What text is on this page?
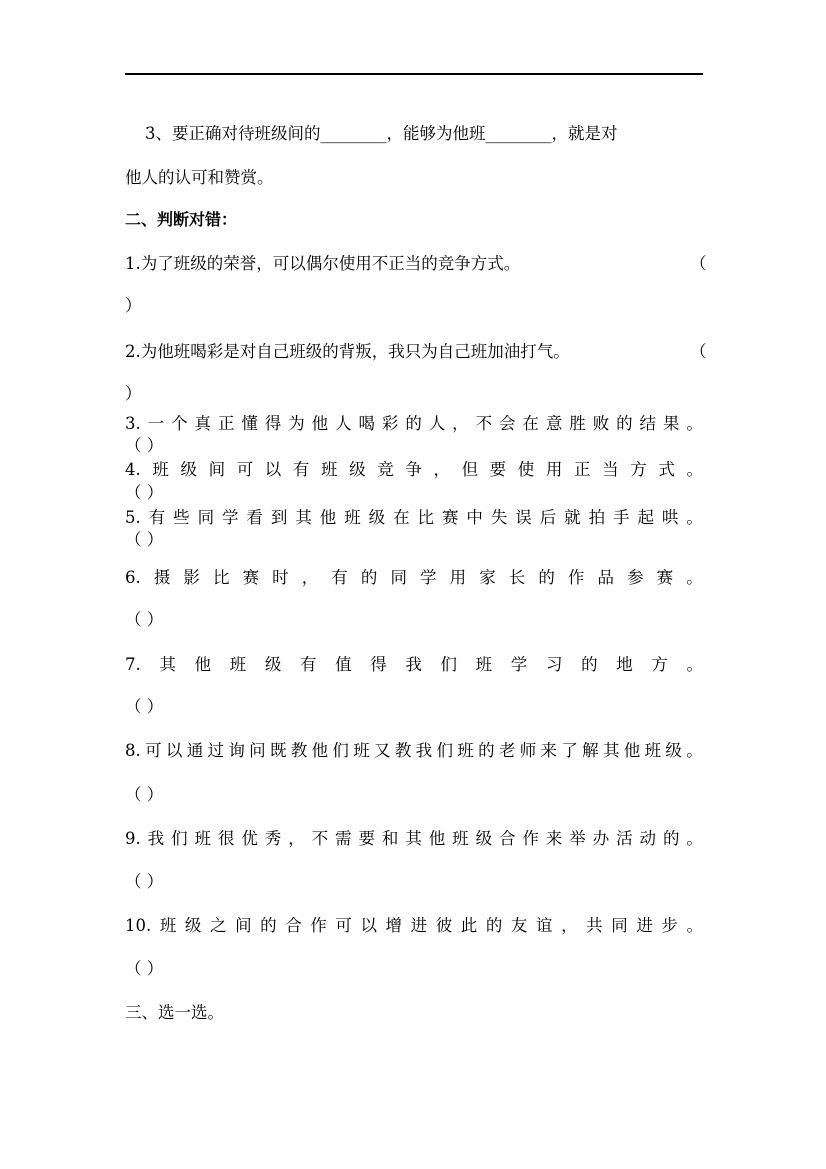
3、要正确对待班级间的________，能够为他班________，就是对
他人的认可和赞赏。
二、判断对错：
1.为了班级的荣誉，可以偶尔使用不正当的竞争方式。	（
）
2.为他班喝彩是对自己班级的背叛，我只为自己班加油打气。	（
）
3. 一 个 真 正 懂 得 为 他 人 喝 彩 的 人 ， 不 会 在 意 胜 败 的 结 果 。
（ ）
4. 班 级 间 可 以 有 班 级 竞 争 ， 但 要 使 用 正 当 方 式 。
（ ）
5. 有 些 同 学 看 到 其 他 班 级 在 比 赛 中 失 误 后 就 拍 手 起 哄 。
（ ）
6. 摄 影 比 赛 时 ， 有 的 同 学 用 家 长 的 作 品 参 赛 。
（ ）
7. 其 他 班 级 有 值 得 我 们 班 学 习 的 地 方 。
（ ）
8. 可 以 通 过 询 问 既 教 他 们 班 又 教 我 们 班 的 老 师 来 了 解 其 他 班 级 。
（ ）
9. 我 们 班 很 优 秀 ， 不 需 要 和 其 他 班 级 合 作 来 举 办 活 动 的 。
（ ）
10. 班 级 之 间 的 合 作 可 以 增 进 彼 此 的 友 谊 ， 共 同 进 步 。
（ ）
三、选一选。
